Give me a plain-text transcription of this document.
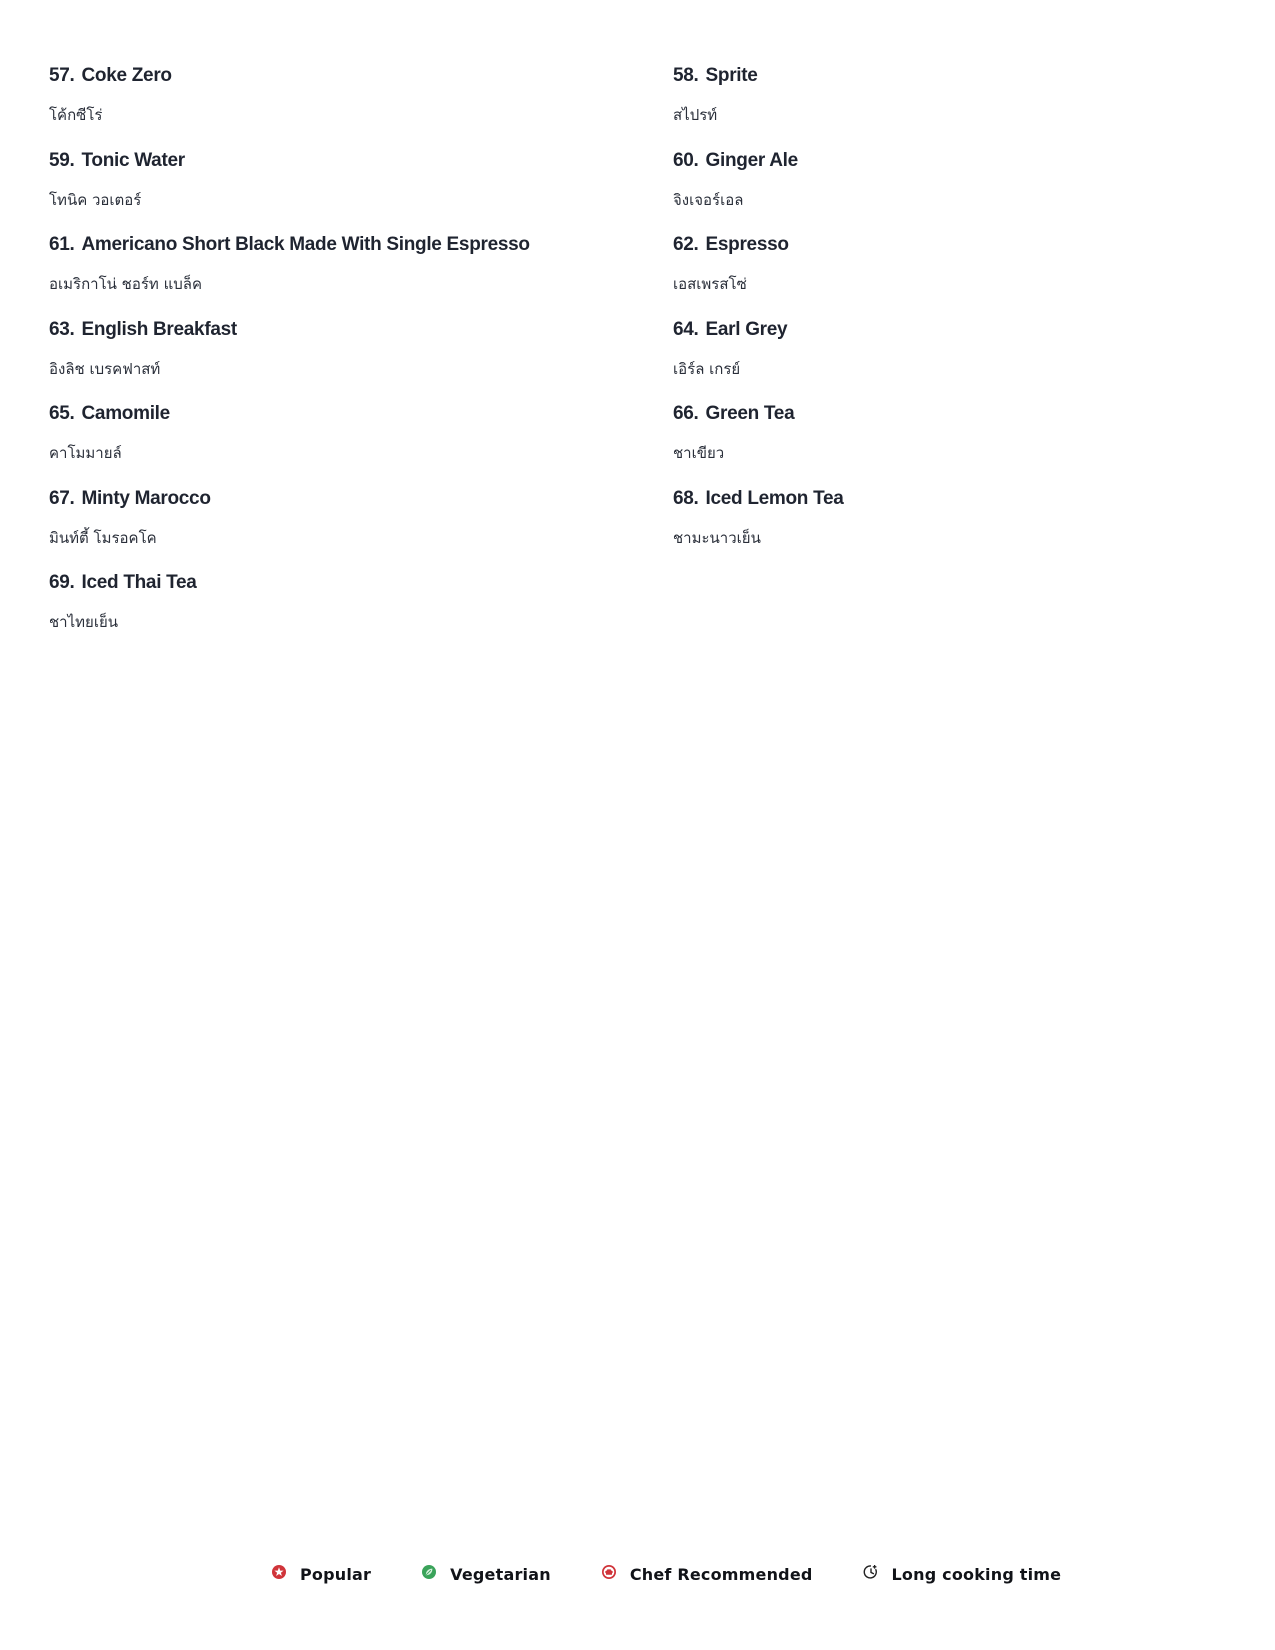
57. Coke Zero
โค้กซีโร่
58. Sprite
สไปรท์
59. Tonic Water
โทนิค วอเตอร์
60. Ginger Ale
จิงเจอร์เอล
61. Americano Short Black Made With Single Espresso
อเมริกาโน่ ชอร์ท แบล็ค
62. Espresso
เอสเพรสโซ่
63. English Breakfast
อิงลิช เบรคฟาสท์
64. Earl Grey
เอิร์ล เกรย์
65. Camomile
คาโมมายล์
66. Green Tea
ชาเขียว
67. Minty Marocco
มินท์ตี้ โมรอคโค
68. Iced Lemon Tea
ชามะนาวเย็น
69. Iced Thai Tea
ชาไทยเย็น
Popular	Vegetarian	Chef Recommended	Long cooking time
